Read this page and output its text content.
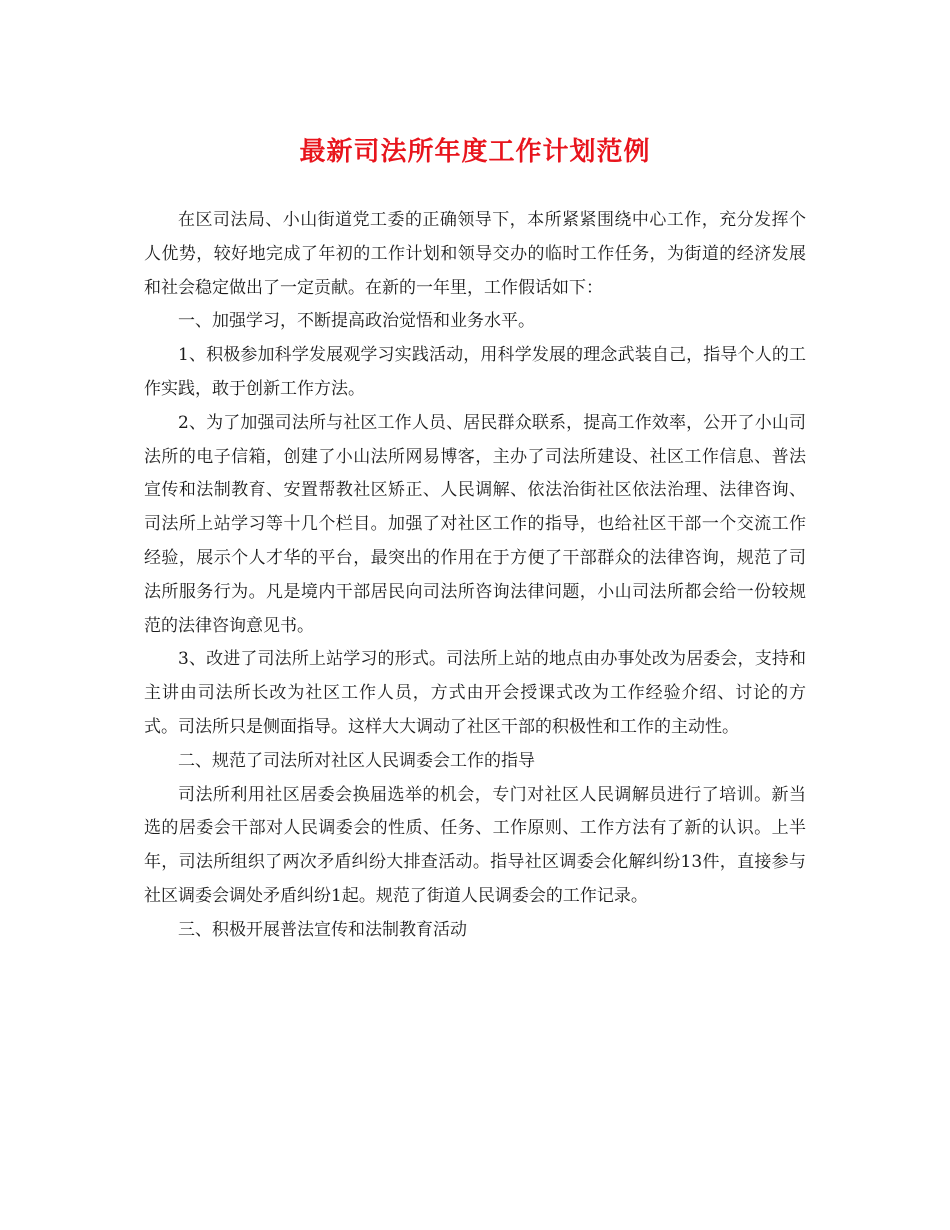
最新司法所年度工作计划范例

在区司法局、小山街道党工委的正确领导下，本所紧紧围绕中心工作，充分发挥个人优势，较好地完成了年初的工作计划和领导交办的临时工作任务，为街道的经济发展和社会稳定做出了一定贡献。在新的一年里，工作假话如下：

一、加强学习，不断提高政治觉悟和业务水平。

1、积极参加科学发展观学习实践活动，用科学发展的理念武装自己，指导个人的工作实践，敢于创新工作方法。

2、为了加强司法所与社区工作人员、居民群众联系，提高工作效率，公开了小山司法所的电子信箱，创建了小山法所网易博客，主办了司法所建设、社区工作信息、普法宣传和法制教育、安置帮教社区矫正、人民调解、依法治街社区依法治理、法律咨询、司法所上站学习等十几个栏目。加强了对社区工作的指导，也给社区干部一个交流工作经验，展示个人才华的平台，最突出的作用在于方便了干部群众的法律咨询，规范了司法所服务行为。凡是境内干部居民向司法所咨询法律问题，小山司法所都会给一份较规范的法律咨询意见书。

3、改进了司法所上站学习的形式。司法所上站的地点由办事处改为居委会，支持和主讲由司法所长改为社区工作人员，方式由开会授课式改为工作经验介绍、讨论的方式。司法所只是侧面指导。这样大大调动了社区干部的积极性和工作的主动性。

二、规范了司法所对社区人民调委会工作的指导

司法所利用社区居委会换届选举的机会，专门对社区人民调解员进行了培训。新当选的居委会干部对人民调委会的性质、任务、工作原则、工作方法有了新的认识。上半年，司法所组织了两次矛盾纠纷大排查活动。指导社区调委会化解纠纷13件，直接参与社区调委会调处矛盾纠纷1起。规范了街道人民调委会的工作记录。

三、积极开展普法宣传和法制教育活动
